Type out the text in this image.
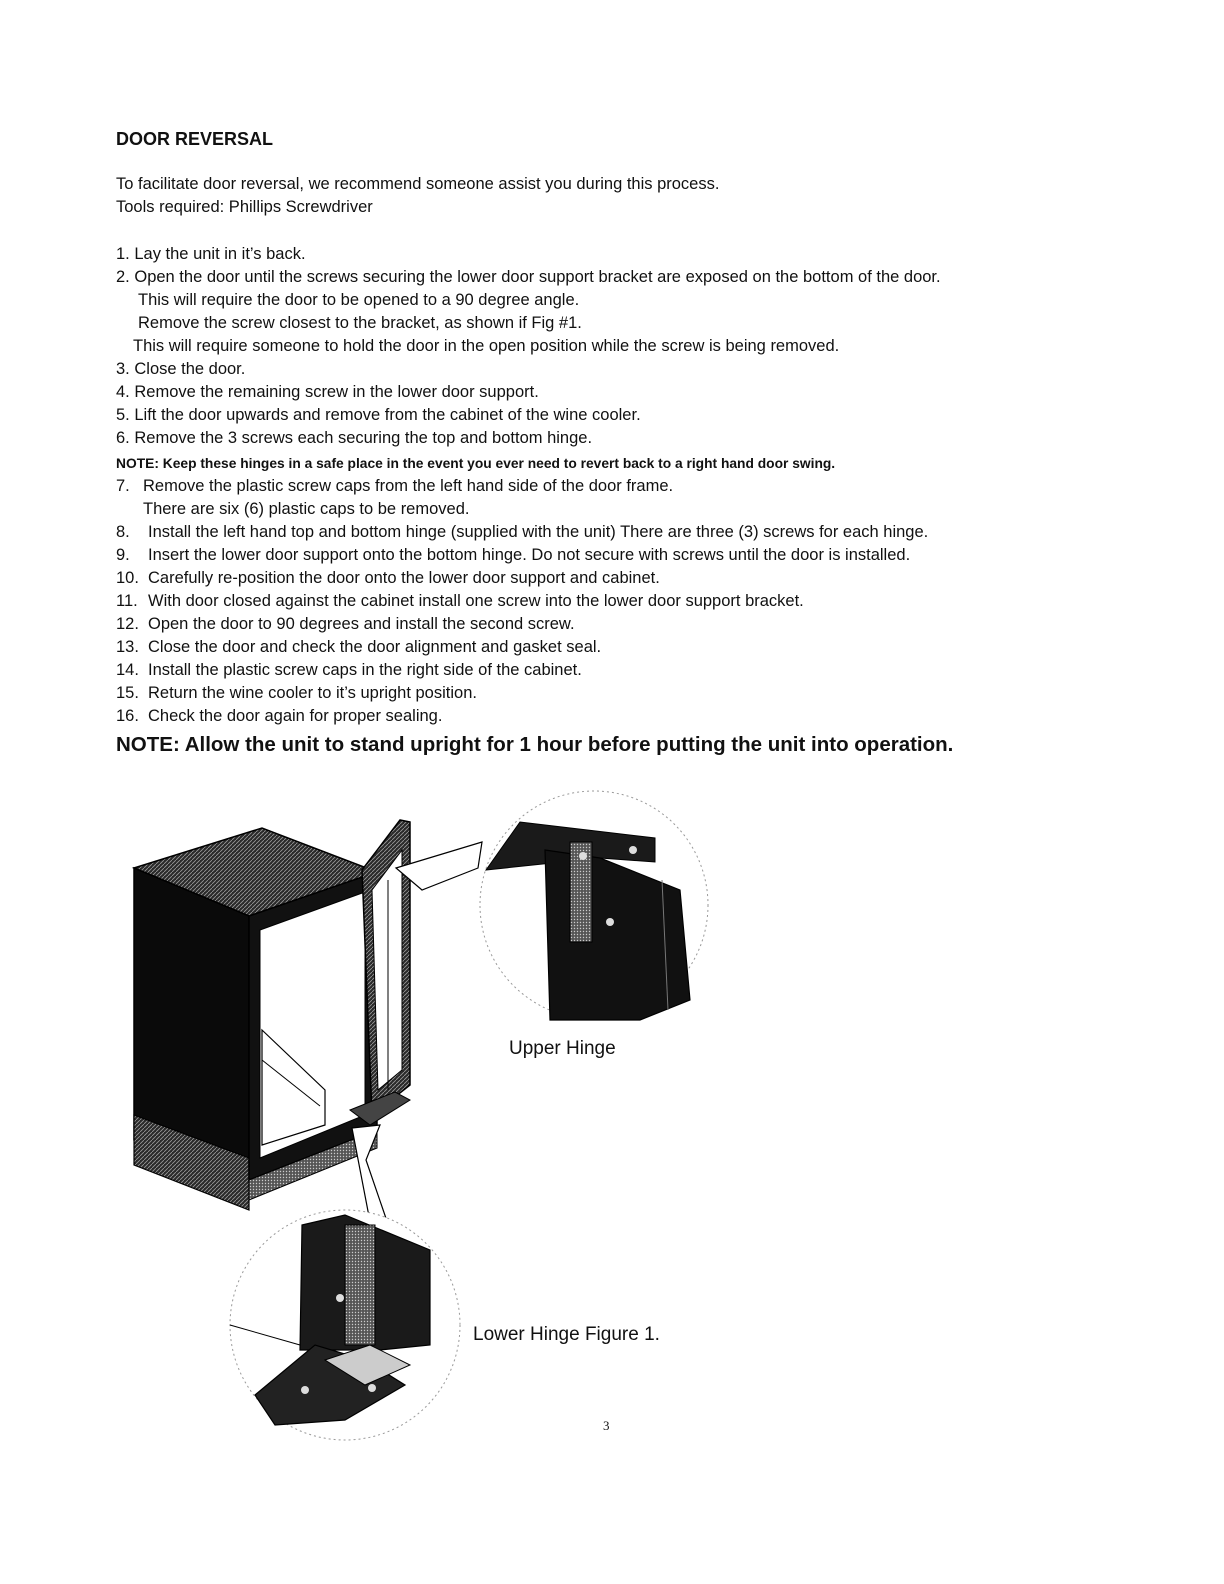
DOOR REVERSAL
To facilitate door reversal, we recommend someone assist you during this process.
Tools required: Phillips Screwdriver
1. Lay the unit in it’s back.
2. Open the door until the screws securing the lower door support bracket are exposed on the bottom of the door.
This will require the door to be opened to a 90 degree angle.
Remove the screw closest to the bracket, as shown if Fig #1.
This will require someone to hold the door in the open position while the screw is being removed.
3. Close the door.
4. Remove the remaining screw in the lower door support.
5. Lift the door upwards and remove from the cabinet of the wine cooler.
6. Remove the 3 screws each securing the top and bottom hinge.
NOTE: Keep these hinges in a safe place in the event you ever need to revert back to a right hand door swing.
7. Remove the plastic screw caps from the left hand side of the door frame.
There are six (6) plastic caps to be removed.
8. Install the left hand top and bottom hinge (supplied with the unit) There are three (3) screws for each hinge.
9. Insert the lower door support onto the bottom hinge. Do not secure with screws until the door is installed.
10. Carefully re-position the door onto the lower door support and cabinet.
11. With door closed against the cabinet install one screw into the lower door support bracket.
12. Open the door to 90 degrees and install the second screw.
13. Close the door and check the door alignment and gasket seal.
14. Install the plastic screw caps in the right side of the cabinet.
15. Return the wine cooler to it’s upright position.
16. Check the door again for proper sealing.
NOTE: Allow the unit to stand upright for 1 hour before putting the unit into operation.
Upper Hinge
Lower Hinge Figure 1.
3
